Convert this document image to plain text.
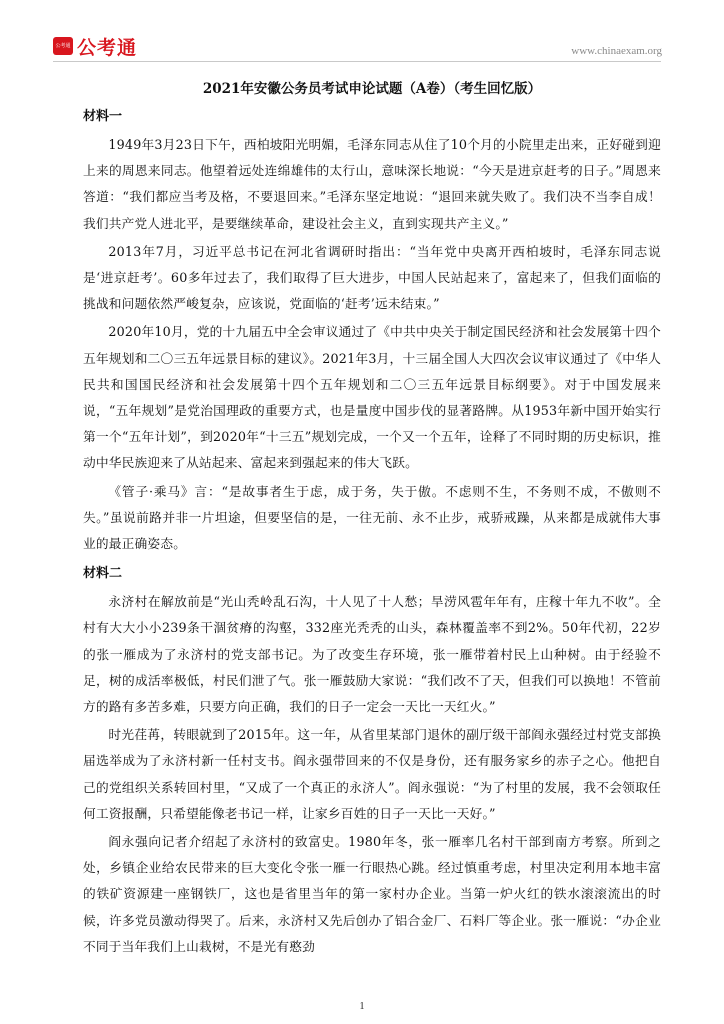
公考通 公考通	www.chinaexam.org
2021年安徽公务员考试申论试题（A卷）（考生回忆版）
材料一

1949年3月23日下午，西柏坡阳光明媚，毛泽东同志从住了10个月的小院里走出来，正好碰到迎上来的周恩来同志。他望着远处连绵雄伟的太行山，意味深长地说：“今天是进京赶考的日子。”周恩来答道：“我们都应当考及格，不要退回来。”毛泽东坚定地说：“退回来就失败了。我们决不当李自成！我们共产党人进北平，是要继续革命，建设社会主义，直到实现共产主义。”

2013年7月，习近平总书记在河北省调研时指出：“当年党中央离开西柏坡时，毛泽东同志说是‘进京赶考’。60多年过去了，我们取得了巨大进步，中国人民站起来了，富起来了，但我们面临的挑战和问题依然严峻复杂，应该说，党面临的‘赶考’远未结束。”

2020年10月，党的十九届五中全会审议通过了《中共中央关于制定国民经济和社会发展第十四个五年规划和二〇三五年远景目标的建议》。2021年3月，十三届全国人大四次会议审议通过了《中华人民共和国国民经济和社会发展第十四个五年规划和二〇三五年远景目标纲要》。对于中国发展来说，“五年规划”是党治国理政的重要方式，也是量度中国步伐的显著路牌。从1953年新中国开始实行第一个“五年计划”，到2020年“十三五”规划完成，一个又一个五年，诠释了不同时期的历史标识，推动中华民族迎来了从站起来、富起来到强起来的伟大飞跃。

《管子·乘马》言：“是故事者生于虑，成于务，失于傲。不虑则不生，不务则不成，不傲则不失。”虽说前路并非一片坦途，但要坚信的是，一往无前、永不止步，戒骄戒躁，从来都是成就伟大事业的最正确姿态。

材料二

永济村在解放前是“光山秃岭乱石沟，十人见了十人愁；旱涝风雹年年有，庄稼十年九不收”。全村有大大小小239条干涸贫瘠的沟壑，332座光秃秃的山头，森林覆盖率不到2%。50年代初，22岁的张一雁成为了永济村的党支部书记。为了改变生存环境，张一雁带着村民上山种树。由于经验不足，树的成活率极低，村民们泄了气。张一雁鼓励大家说：“我们改不了天，但我们可以换地！不管前方的路有多苦多难，只要方向正确，我们的日子一定会一天比一天红火。”

时光荏苒，转眼就到了2015年。这一年，从省里某部门退休的副厅级干部阎永强经过村党支部换届选举成为了永济村新一任村支书。阎永强带回来的不仅是身份，还有服务家乡的赤子之心。他把自己的党组织关系转回村里，“又成了一个真正的永济人”。阎永强说：“为了村里的发展，我不会领取任何工资报酬，只希望能像老书记一样，让家乡百姓的日子一天比一天好。”

阎永强向记者介绍起了永济村的致富史。1980年冬，张一雁率几名村干部到南方考察。所到之处，乡镇企业给农民带来的巨大变化令张一雁一行眼热心跳。经过慎重考虑，村里决定利用本地丰富的铁矿资源建一座钢铁厂，这也是省里当年的第一家村办企业。当第一炉火红的铁水滚滚流出的时候，许多党员激动得哭了。后来，永济村又先后创办了铝合金厂、石料厂等企业。张一雁说：“办企业不同于当年我们上山栽树，不是光有憨劲

1
